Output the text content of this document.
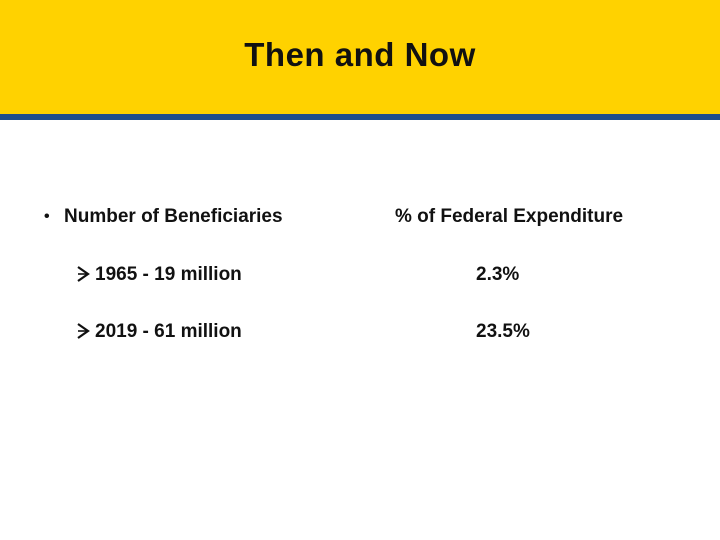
Then and Now
• Number of Beneficiaries	% of Federal Expenditure
1965 - 19 million	2.3%
2019 - 61 million	23.5%
